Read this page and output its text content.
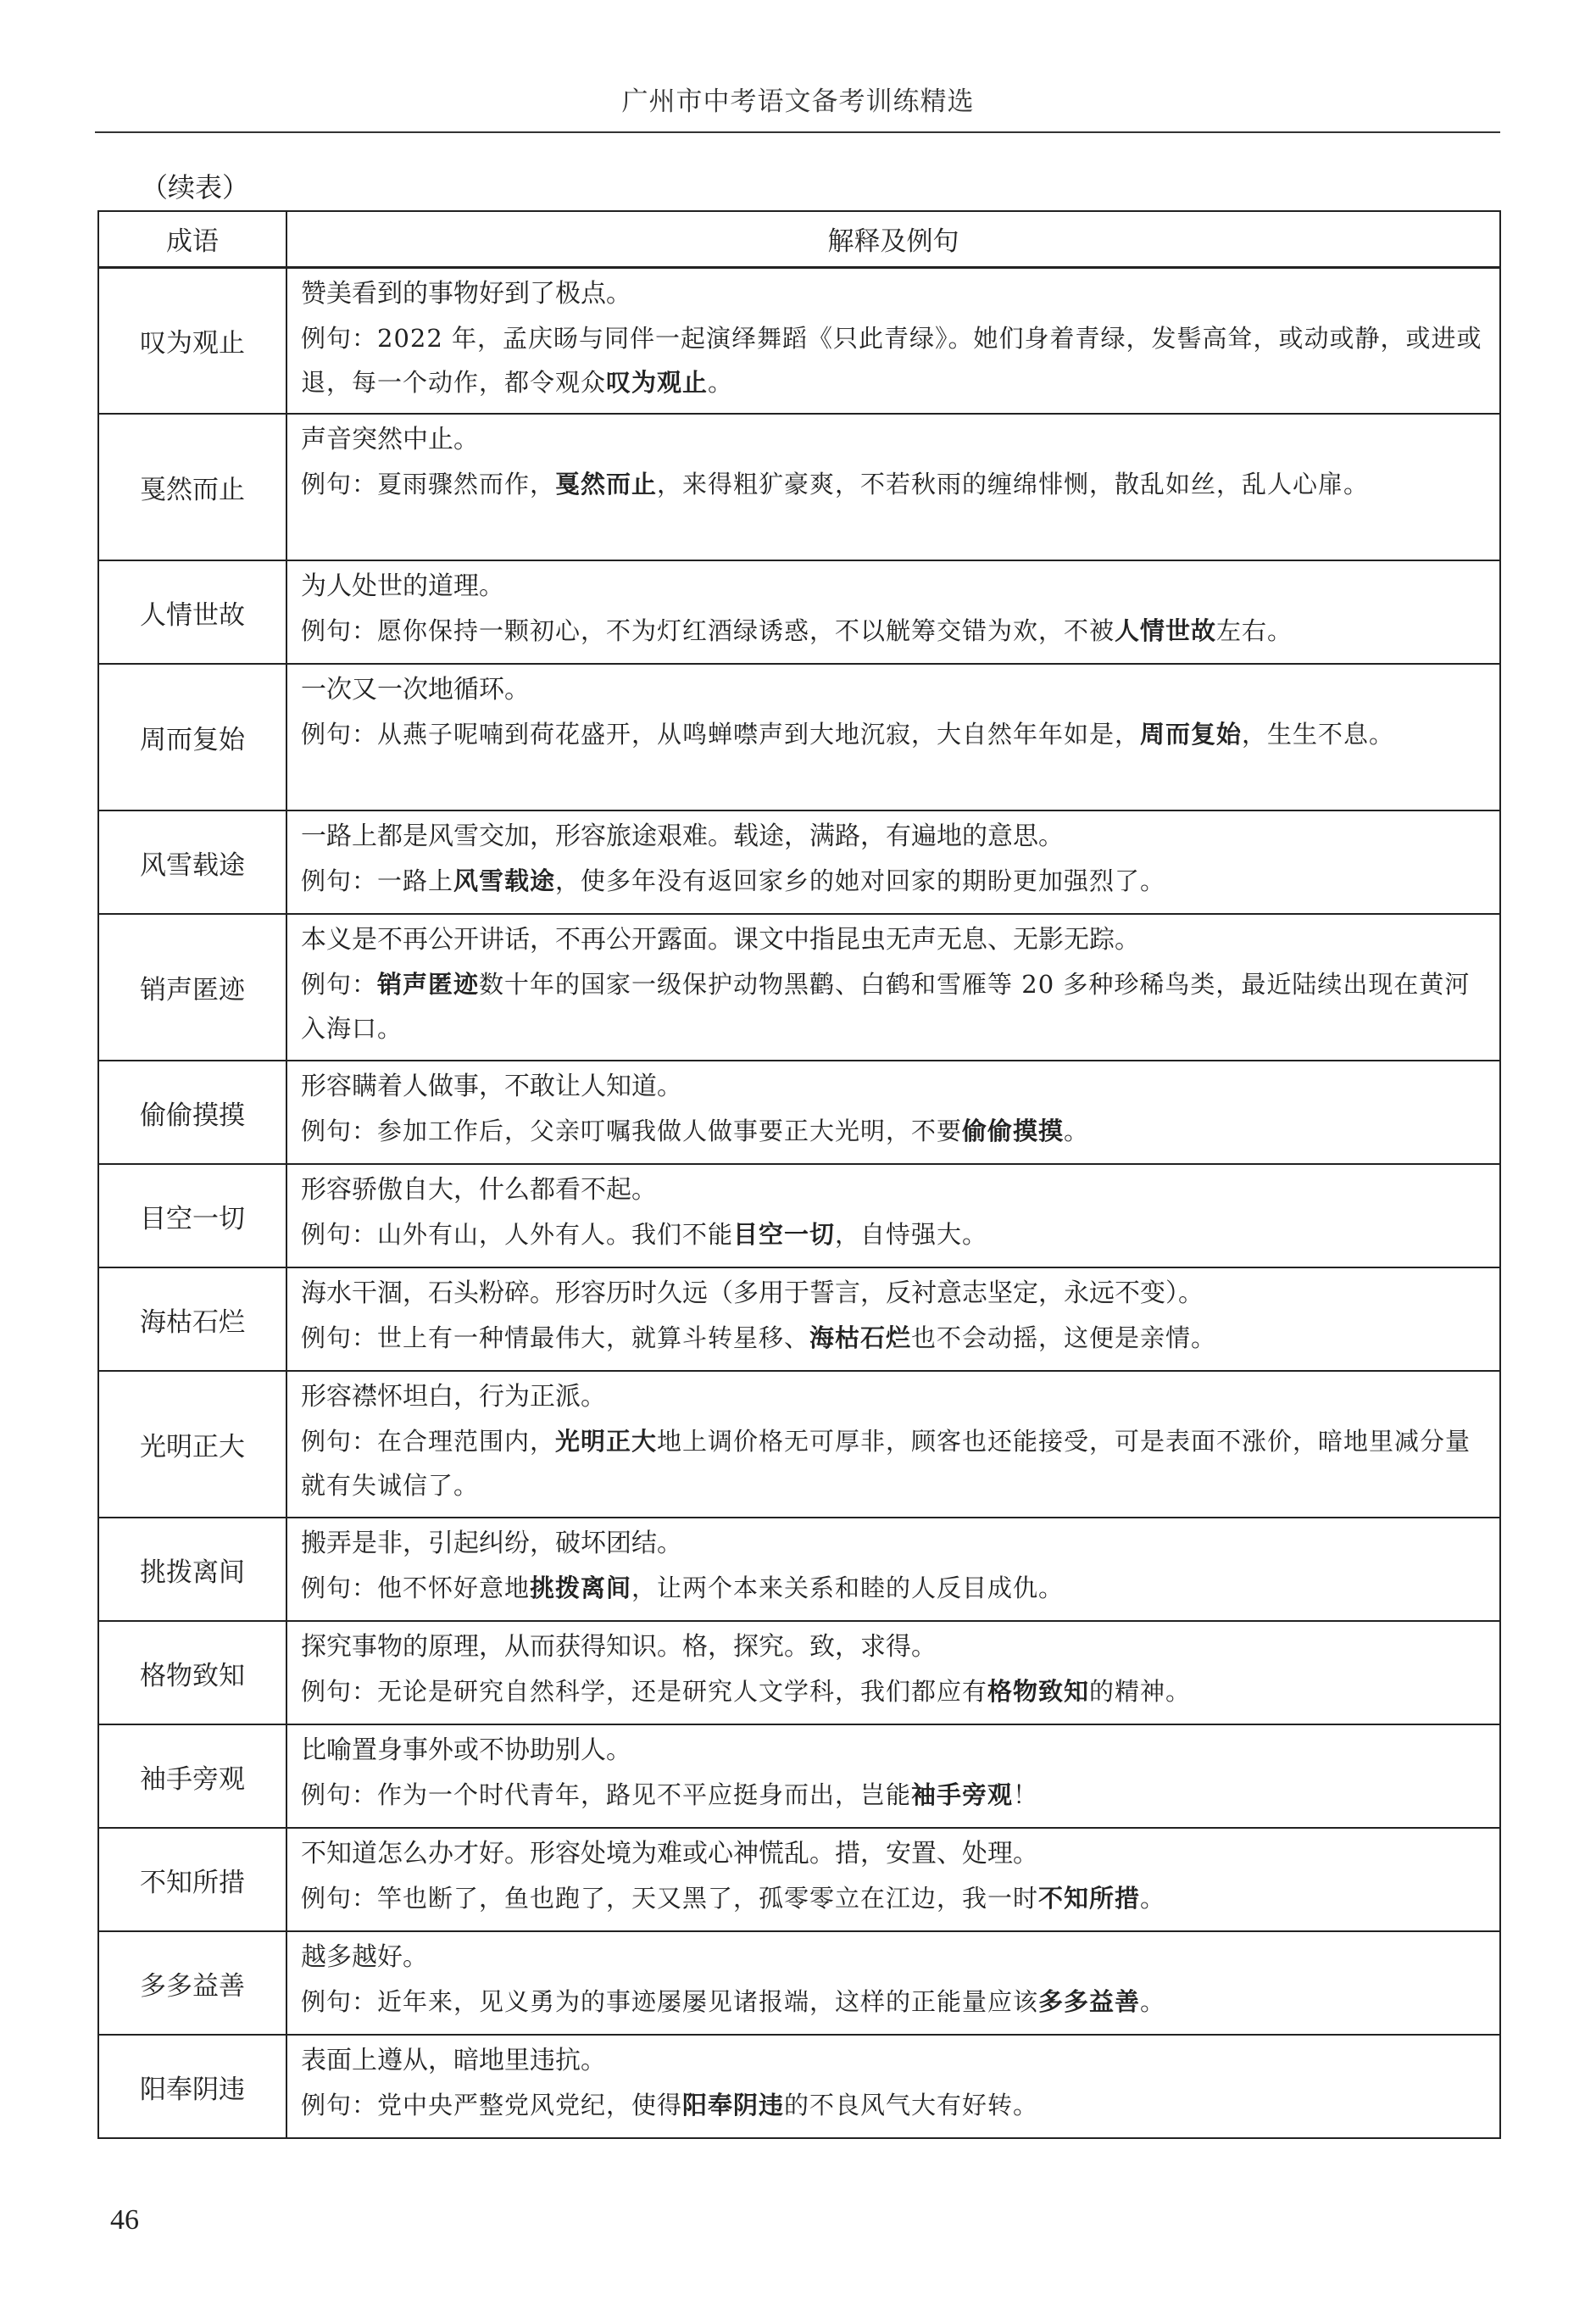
广州市中考语文备考训练精选
（续表）
成语	解释及例句
叹为观止	赞美看到的事物好到了极点。
例句：2022 年，孟庆旸与同伴一起演绎舞蹈《只此青绿》。她们身着青绿，发髻高耸，或动或静，或进或退，每一个动作，都令观众叹为观止。

戛然而止	声音突然中止。
例句：夏雨骤然而作，戛然而止，来得粗犷豪爽，不若秋雨的缠绵悱恻，散乱如丝，乱人心扉。

人情世故	为人处世的道理。
例句：愿你保持一颗初心，不为灯红酒绿诱惑，不以觥筹交错为欢，不被人情世故左右。

周而复始	一次又一次地循环。
例句：从燕子呢喃到荷花盛开，从鸣蝉噤声到大地沉寂，大自然年年如是，周而复始，生生不息。

风雪载途	一路上都是风雪交加，形容旅途艰难。载途，满路，有遍地的意思。
例句：一路上风雪载途，使多年没有返回家乡的她对回家的期盼更加强烈了。

销声匿迹	本义是不再公开讲话，不再公开露面。课文中指昆虫无声无息、无影无踪。
例句：销声匿迹数十年的国家一级保护动物黑鹳、白鹤和雪雁等 20 多种珍稀鸟类，最近陆续出现在黄河入海口。

偷偷摸摸	形容瞒着人做事，不敢让人知道。
例句：参加工作后，父亲叮嘱我做人做事要正大光明，不要偷偷摸摸。

目空一切	形容骄傲自大，什么都看不起。
例句：山外有山，人外有人。我们不能目空一切，自恃强大。

海枯石烂	海水干涸，石头粉碎。形容历时久远（多用于誓言，反衬意志坚定，永远不变）。
例句：世上有一种情最伟大，就算斗转星移、海枯石烂也不会动摇，这便是亲情。

光明正大	形容襟怀坦白，行为正派。
例句：在合理范围内，光明正大地上调价格无可厚非，顾客也还能接受，可是表面不涨价，暗地里减分量就有失诚信了。

挑拨离间	搬弄是非，引起纠纷，破坏团结。
例句：他不怀好意地挑拨离间，让两个本来关系和睦的人反目成仇。

格物致知	探究事物的原理，从而获得知识。格，探究。致，求得。
例句：无论是研究自然科学，还是研究人文学科，我们都应有格物致知的精神。

袖手旁观	比喻置身事外或不协助别人。
例句：作为一个时代青年，路见不平应挺身而出，岂能袖手旁观！

不知所措	不知道怎么办才好。形容处境为难或心神慌乱。措，安置、处理。
例句：竿也断了，鱼也跑了，天又黑了，孤零零立在江边，我一时不知所措。

多多益善	越多越好。
例句：近年来，见义勇为的事迹屡屡见诸报端，这样的正能量应该多多益善。

阳奉阴违	表面上遵从，暗地里违抗。
例句：党中央严整党风党纪，使得阳奉阴违的不良风气大有好转。
46
